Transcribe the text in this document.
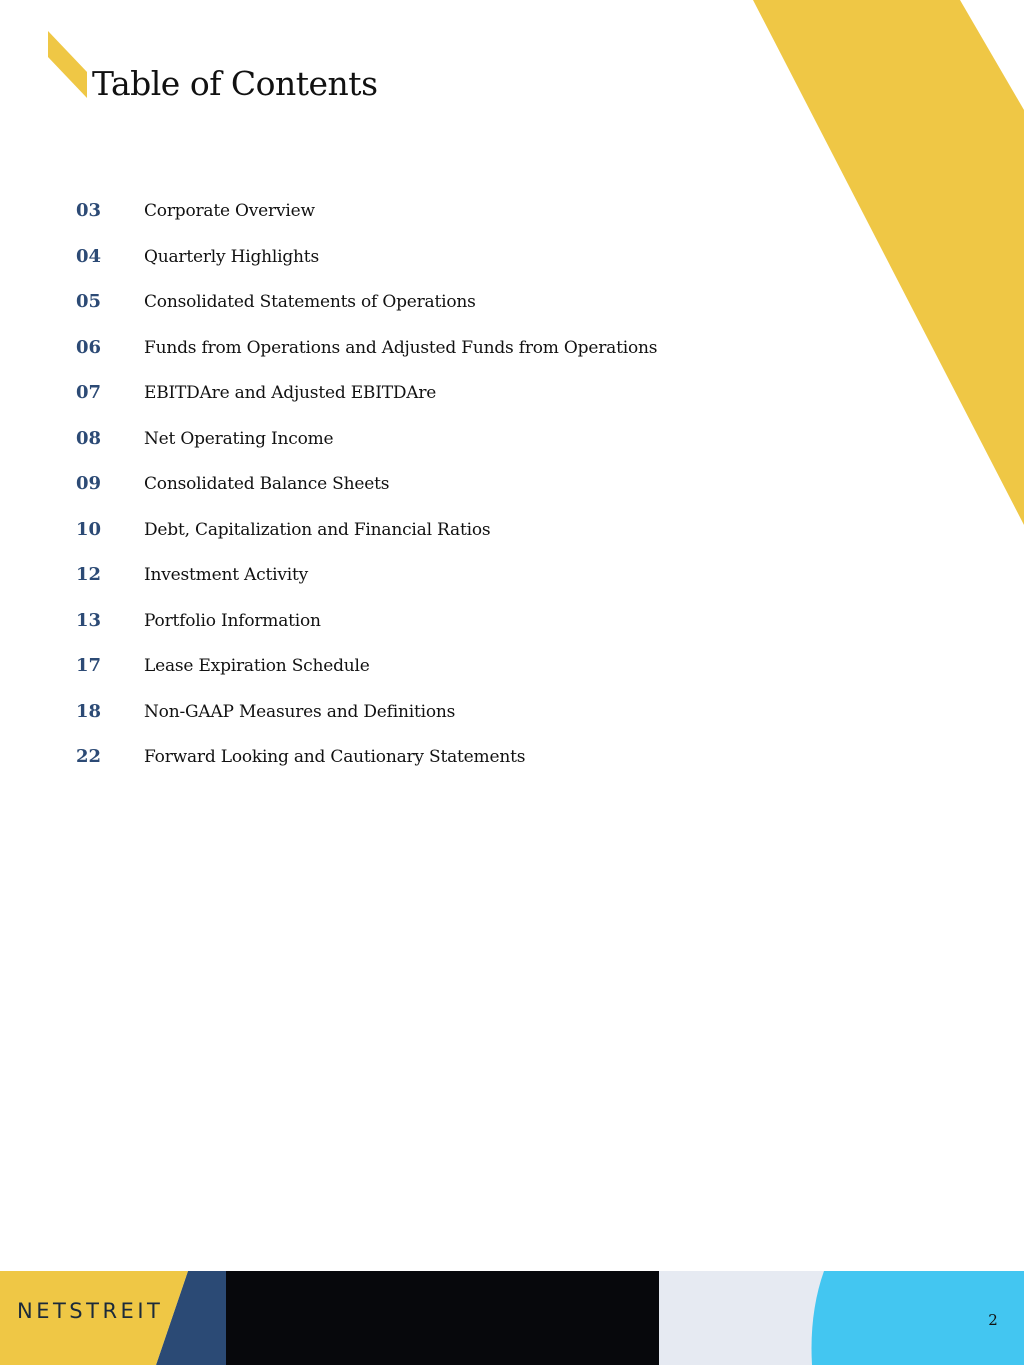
Table of Contents
03	Corporate Overview
04	Quarterly Highlights
05	Consolidated Statements of Operations
06	Funds from Operations and Adjusted Funds from Operations
07	EBITDAre and Adjusted EBITDAre
08	Net Operating Income
09	Consolidated Balance Sheets
10	Debt, Capitalization and Financial Ratios
12	Investment Activity
13	Portfolio Information
17	Lease Expiration Schedule
18	Non-GAAP Measures and Definitions
22	Forward Looking and Cautionary Statements
NETSTREIT	2
